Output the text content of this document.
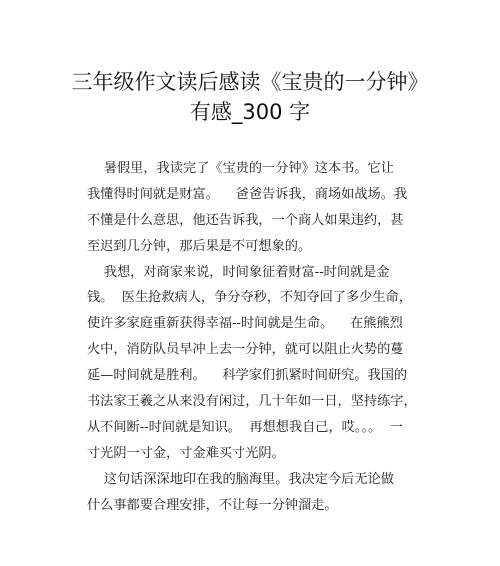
三年级作文读后感读《宝贵的一分钟》
有感_300 字
暑假里，我读完了《宝贵的一分钟》这本书。它让
我懂得时间就是财富。    爸爸告诉我，商场如战场。我
不懂是什么意思，他还告诉我，一个商人如果违约，甚
至迟到几分钟，那后果是不可想象的。
我想，对商家来说，时间象征着财富--时间就是金
钱。  医生抢救病人，争分夺秒，不知夺回了多少生命，
使许多家庭重新获得幸福--时间就是生命。    在熊熊烈
火中，消防队员早冲上去一分钟，就可以阻止火势的蔓
延—时间就是胜利。    科学家们抓紧时间研究。我国的
书法家王羲之从来没有闲过，几十年如一日，坚持练字，
从不间断--时间就是知识。  再想想我自己，哎。。。  一
寸光阴一寸金，寸金难买寸光阴。
这句话深深地印在我的脑海里。我决定今后无论做
什么事都要合理安排，不让每一分钟溜走。
